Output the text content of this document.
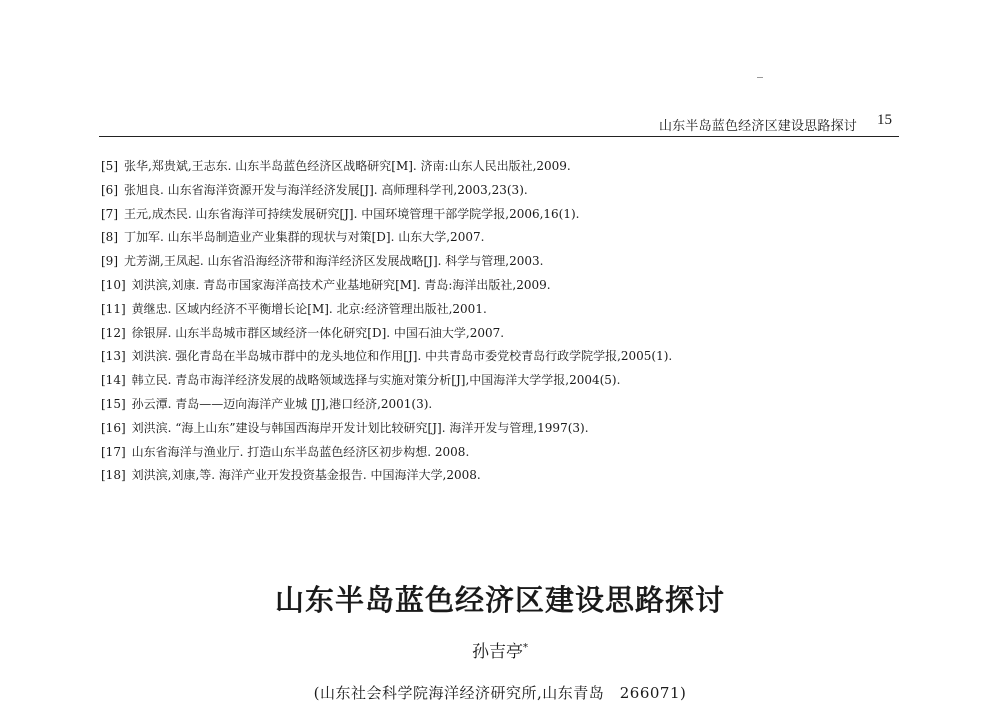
山东半岛蓝色经济区建设思路探讨 15
[5] 张华,郑贵斌,王志东. 山东半岛蓝色经济区战略研究[M]. 济南:山东人民出版社,2009.
[6] 张旭良. 山东省海洋资源开发与海洋经济发展[J]. 高师理科学刊,2003,23(3).
[7] 王元,成杰民. 山东省海洋可持续发展研究[J]. 中国环境管理干部学院学报,2006,16(1).
[8] 丁加军. 山东半岛制造业产业集群的现状与对策[D]. 山东大学,2007.
[9] 尤芳湖,王凤起. 山东省沿海经济带和海洋经济区发展战略[J]. 科学与管理,2003.
[10] 刘洪滨,刘康. 青岛市国家海洋高技术产业基地研究[M]. 青岛:海洋出版社,2009.
[11] 黄继忠. 区域内经济不平衡增长论[M]. 北京:经济管理出版社,2001.
[12] 徐银屏. 山东半岛城市群区域经济一体化研究[D]. 中国石油大学,2007.
[13] 刘洪滨. 强化青岛在半岛城市群中的龙头地位和作用[J]. 中共青岛市委党校青岛行政学院学报,2005(1).
[14] 韩立民. 青岛市海洋经济发展的战略领域选择与实施对策分析[J],中国海洋大学学报,2004(5).
[15] 孙云潭. 青岛——迈向海洋产业城 [J],港口经济,2001(3).
[16] 刘洪滨. “海上山东”建设与韩国西海岸开发计划比较研究[J]. 海洋开发与管理,1997(3).
[17] 山东省海洋与渔业厅. 打造山东半岛蓝色经济区初步构想. 2008.
[18] 刘洪滨,刘康,等. 海洋产业开发投资基金报告. 中国海洋大学,2008.
山东半岛蓝色经济区建设思路探讨
孙吉亭*
(山东社会科学院海洋经济研究所,山东青岛　266071)
